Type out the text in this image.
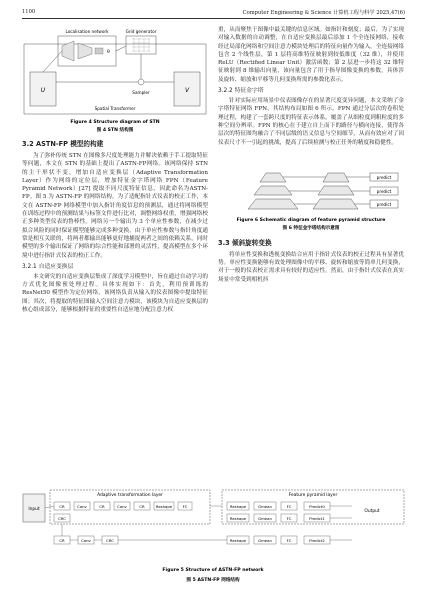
1100	Computer Engineering & Science 计算机工程与科学 2025,47(6)
Localisation network
θ
Grid generator
U	V
Sampler
Spatial Transformer
Figure 4 Structure diagram of STN
图 4 STN 结构图
3.2 ASTN-FP 模型的构建

为了弥补传统 STN 在图像多尺度处理能力并解决依赖于手工提取特征等问题，本文在 STN 的基础上提出了ASTN-FP网络。该网络保持 STN 的主干形状不变，增加自适应变换层（Adaptive Transformation Layer）作为网络的定位层，增加特征金字塔网络 FPN（Feature Pyramid Network）[27] 提取不同尺度特征信息，因此命名为ASTN-FP。图 5 为 ASTN-FP 的网络结构。为了适配指针式仪表的校正工作，本文在 ASTN-FP 网络模型中加入指针角度信息的预测层，通过将网络模型在训练过程中的预测结果与标签文件进行比对，调整网络权重，增强网络校正多种类型仪表的鲁棒性。网络另一个输出为 3 个单应性参数，在减少过拟合风险的同时保证模型能够完成多种变换。由于单应性参数与指针角度通常是相互关联的，将两者都输出能够更好地捕捉两者之间的依赖关系，同时模型的多个输出保证了网络的综合性能和部署的灵活性，提高模型在多个环境中进行指针式仪表的校正工作。

3.2.1 自适应变换层

本文研究的自适应变换层集成了深度学习模型中，旨在通过自动学习的方式优化图像预处理过程。具体实现如下：首先，利用预训练的 ResNet50 模型作为定位网络，该网络负责从输入的仪表图像中提取特征图；其次，将提取的特征图输入空间注意力模块，该模块为自适应变换层的核心组成部分，能够根据特征的重要性自适应地分配注意力权

重，从而聚焦于图像中最关键的信息区域。如指针和刻度；最后，为了实现对输入数据的自动调整，在自适应变换层最后添加 1 个全连接网络，接收经过局部化网络和空间注意力模块处理后的特征向量作为输入。全连接网络包含 2 个线性层，第 1 层将高维特征映射到较低维度（32 维），并使用 ReLU（Rectified Linear Unit）激活函数；第 2 层进一步将这 32 维特征映射到 8 维输出向量，该向量包含了用于指导图像变换的参数，具体涉及旋转、缩放和平移等几何变换所需的参数化表示。

3.2.2 特征金字塔

针对实际应用场景中仪表图像存在的显著尺度变异问题，本文采纳了金字塔特征网络 FPN，其结构布局如图 6 所示。FPN 通过分层次的卷积处理过程，构建了一套跨尺度的特征表示体系，覆盖了从细粒度到粗粒度的多种空间分辨率。FPN 的核心在于建立自上而下的路径与横向连接，使得各层次的特征图均融合了不同层级的语义信息与空间细节，从而有效应对了因仪表尺寸不一引起的挑战，提高了后续检测与校正任务的精度和稳健性。

predict
predict
predict
Figure 6 Schematic diagram of feature pyramid structure
图 6 特征金字塔结构示意图
3.3 倾斜旋转变换

将单应性变换和透视变换结合应用于指针式仪表的校正过程具有显著优势。单应性变换能够有效处理图像中的平移、旋转和缩放等简单几何变换，对于一般的仪表校正需求具有较好的适应性。然而，由于指针式仪表在真实场景中常受到相机抖

Input
Adaptive transformation layer
CR	Conv	CR	Conv	CR	Reshape	FC
CRC
Feature pyramid layer
Reshape	Gmean	FC	Predict0
Reshape	Gmean	FC	Predict1
Output
CR	Conv	CRC	Reshape	Gmean	FC	Predict2
Figure 5 Structure of ASTN-FP network
图 5 ASTN-FP 网络结构
